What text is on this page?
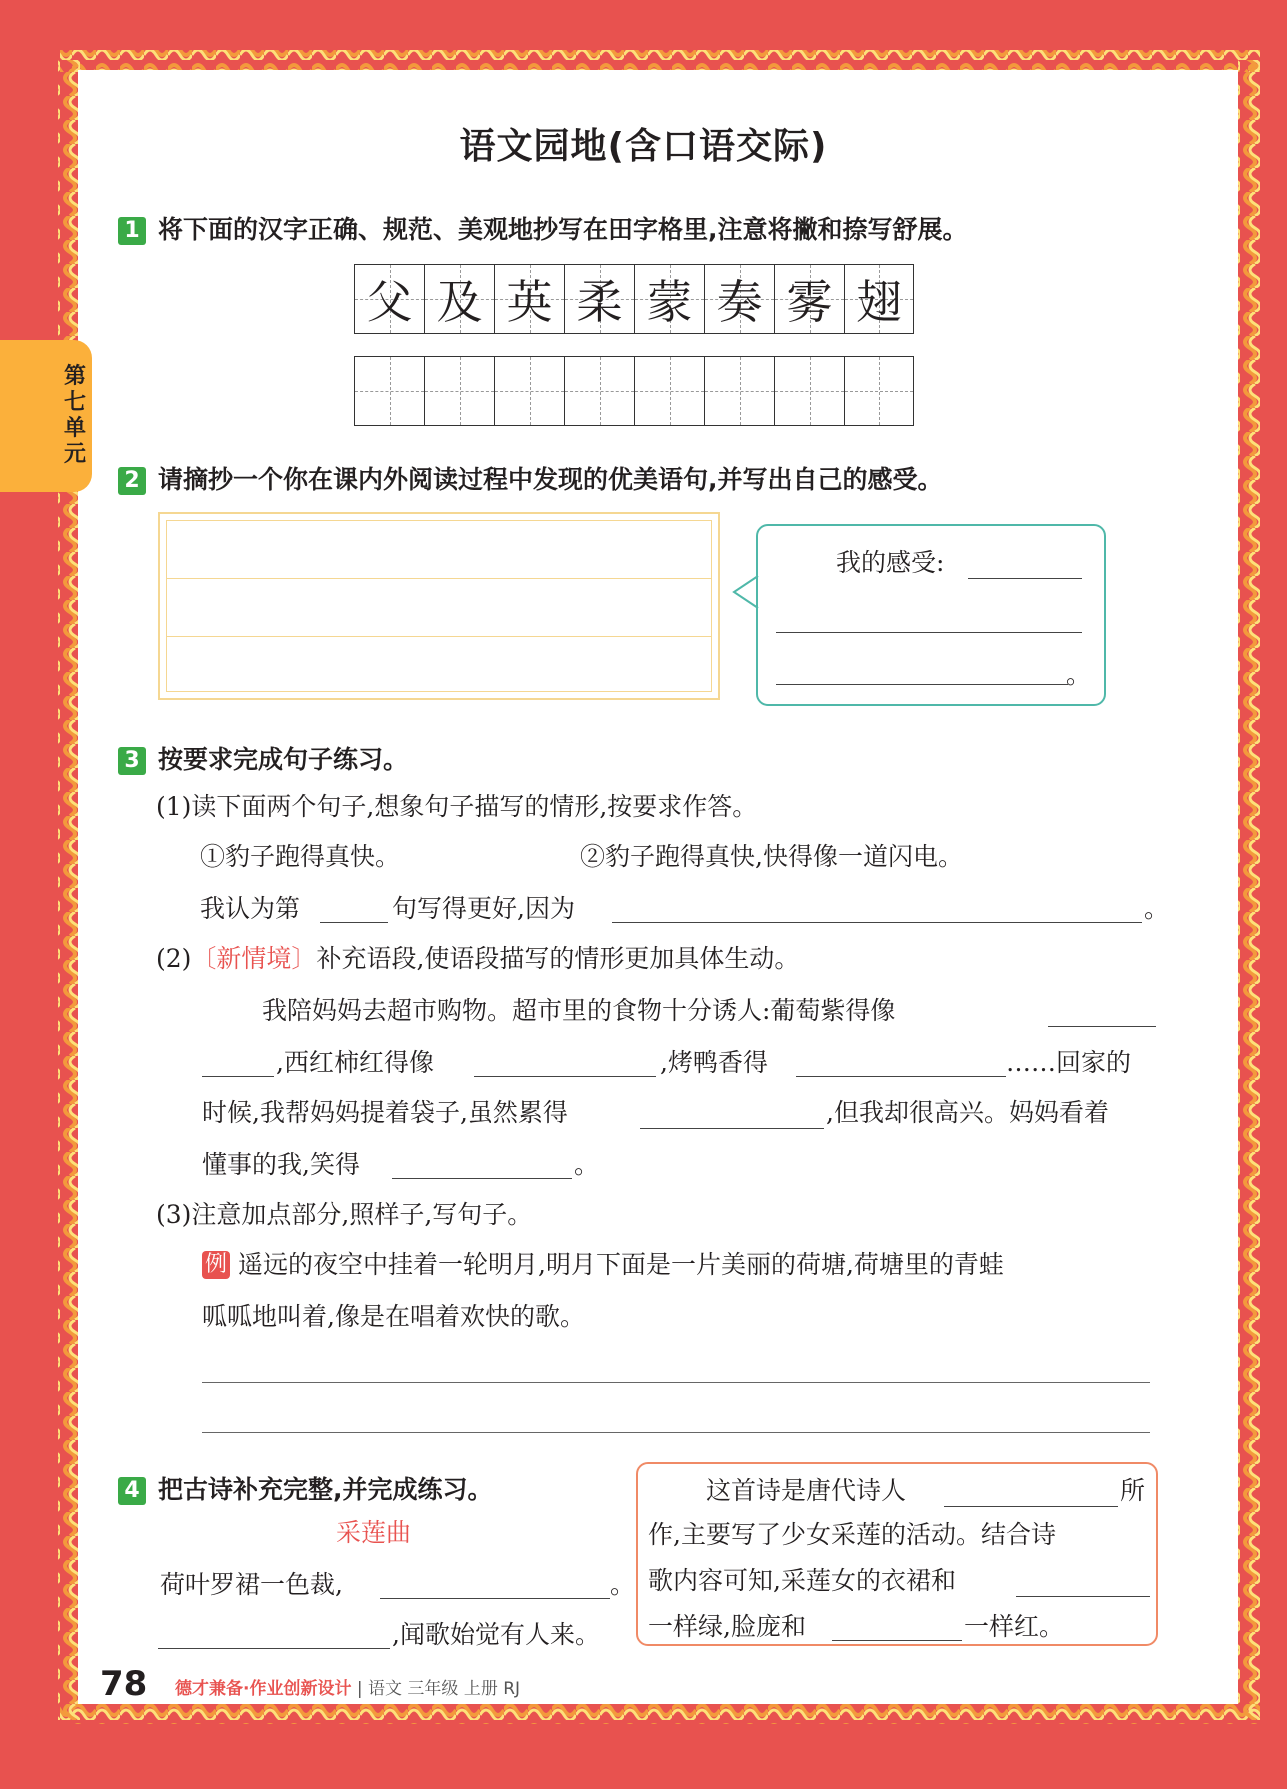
第七单元
语文园地(含口语交际)
1 将下面的汉字正确、规范、美观地抄写在田字格里,注意将撇和捺写舒展。
父 及 英 柔 蒙 奏 雾 翅
2 请摘抄一个你在课内外阅读过程中发现的优美语句,并写出自己的感受。
我的感受:
。
3 按要求完成句子练习。
(1)读下面两个句子,想象句子描写的情形,按要求作答。
①豹子跑得真快。	②豹子跑得真快,快得像一道闪电。
我认为第	句写得更好,因为	。
(2)〔新情境〕补充语段,使语段描写的情形更加具体生动。
我陪妈妈去超市购物。超市里的食物十分诱人:葡萄紫得像
,西红柿红得像	,烤鸭香得	……回家的
时候,我帮妈妈提着袋子,虽然累得	,但我却很高兴。妈妈看着
懂事的我,笑得	。
(3)注意加点部分,照样子,写句子。
例 遥远的夜空中挂着一轮明月,明月下面是一片美丽的荷塘,荷塘里的青蛙
呱呱地叫着,像是在唱着欢快的歌。
4 把古诗补充完整,并完成练习。
采莲曲
荷叶罗裙一色裁,	。
,闻歌始觉有人来。
这首诗是唐代诗人	所
作,主要写了少女采莲的活动。结合诗
歌内容可知,采莲女的衣裙和
一样绿,脸庞和	一样红。
78 德才兼备·作业创新设计 | 语文 三年级 上册 RJ
